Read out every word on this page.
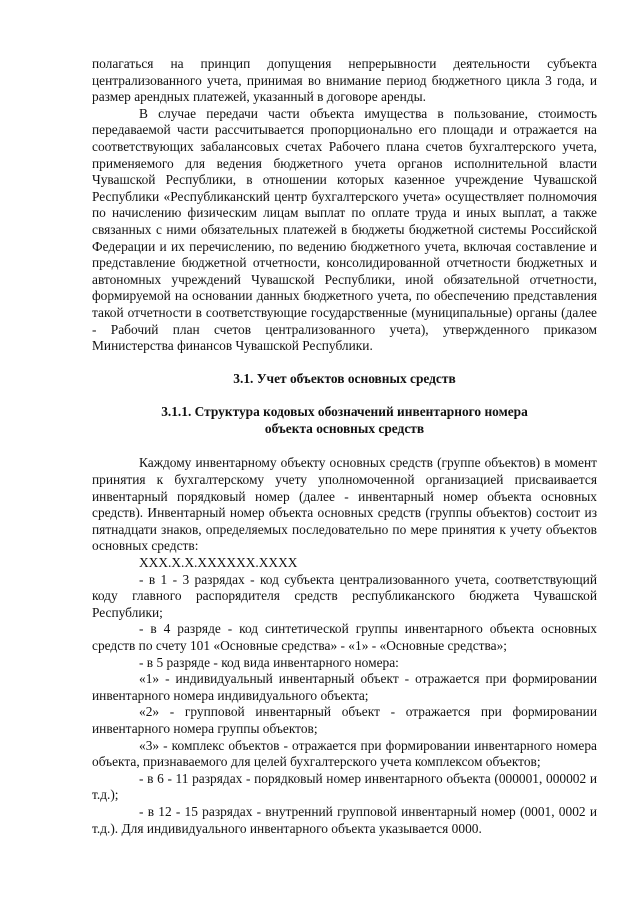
полагаться на принцип допущения непрерывности деятельности субъекта централизованного учета, принимая во внимание период бюджетного цикла 3 года, и размер арендных платежей, указанный в договоре аренды.

В случае передачи части объекта имущества в пользование, стоимость передаваемой части рассчитывается пропорционально его площади и отражается на соответствующих забалансовых счетах Рабочего плана счетов бухгалтерского учета, применяемого для ведения бюджетного учета органов исполнительной власти Чувашской Республики, в отношении которых казенное учреждение Чувашской Республики «Республиканский центр бухгалтерского учета» осуществляет полномочия по начислению физическим лицам выплат по оплате труда и иных выплат, а также связанных с ними обязательных платежей в бюджеты бюджетной системы Российской Федерации и их перечислению, по ведению бюджетного учета, включая составление и представление бюджетной отчетности, консолидированной отчетности бюджетных и автономных учреждений Чувашской Республики, иной обязательной отчетности, формируемой на основании данных бюджетного учета, по обеспечению представления такой отчетности в соответствующие государственные (муниципальные) органы (далее - Рабочий план счетов централизованного учета), утвержденного приказом Министерства финансов Чувашской Республики.

3.1. Учет объектов основных средств

3.1.1. Структура кодовых обозначений инвентарного номера

объекта основных средств

Каждому инвентарному объекту основных средств (группе объектов) в момент принятия к бухгалтерскому учету уполномоченной организацией присваивается инвентарный порядковый номер (далее - инвентарный номер объекта основных средств). Инвентарный номер объекта основных средств (группы объектов) состоит из пятнадцати знаков, определяемых последовательно по мере принятия к учету объектов основных средств:

ХХХ.Х.Х.ХХХХХХ.ХХХХ

- в 1 - 3 разрядах - код субъекта централизованного учета, соответствующий коду главного распорядителя средств республиканского бюджета Чувашской Республики;

- в 4 разряде - код синтетической группы инвентарного объекта основных средств по счету 101 «Основные средства» - «1» - «Основные средства»;

- в 5 разряде - код вида инвентарного номера:

«1» - индивидуальный инвентарный объект - отражается при формировании инвентарного номера индивидуального объекта;

«2» - групповой инвентарный объект - отражается при формировании инвентарного номера группы объектов;

«3» - комплекс объектов - отражается при формировании инвентарного номера объекта, признаваемого для целей бухгалтерского учета комплексом объектов;

- в 6 - 11 разрядах - порядковый номер инвентарного объекта (000001, 000002 и т.д.);

- в 12 - 15 разрядах - внутренний групповой инвентарный номер (0001, 0002 и т.д.). Для индивидуального инвентарного объекта указывается 0000.
